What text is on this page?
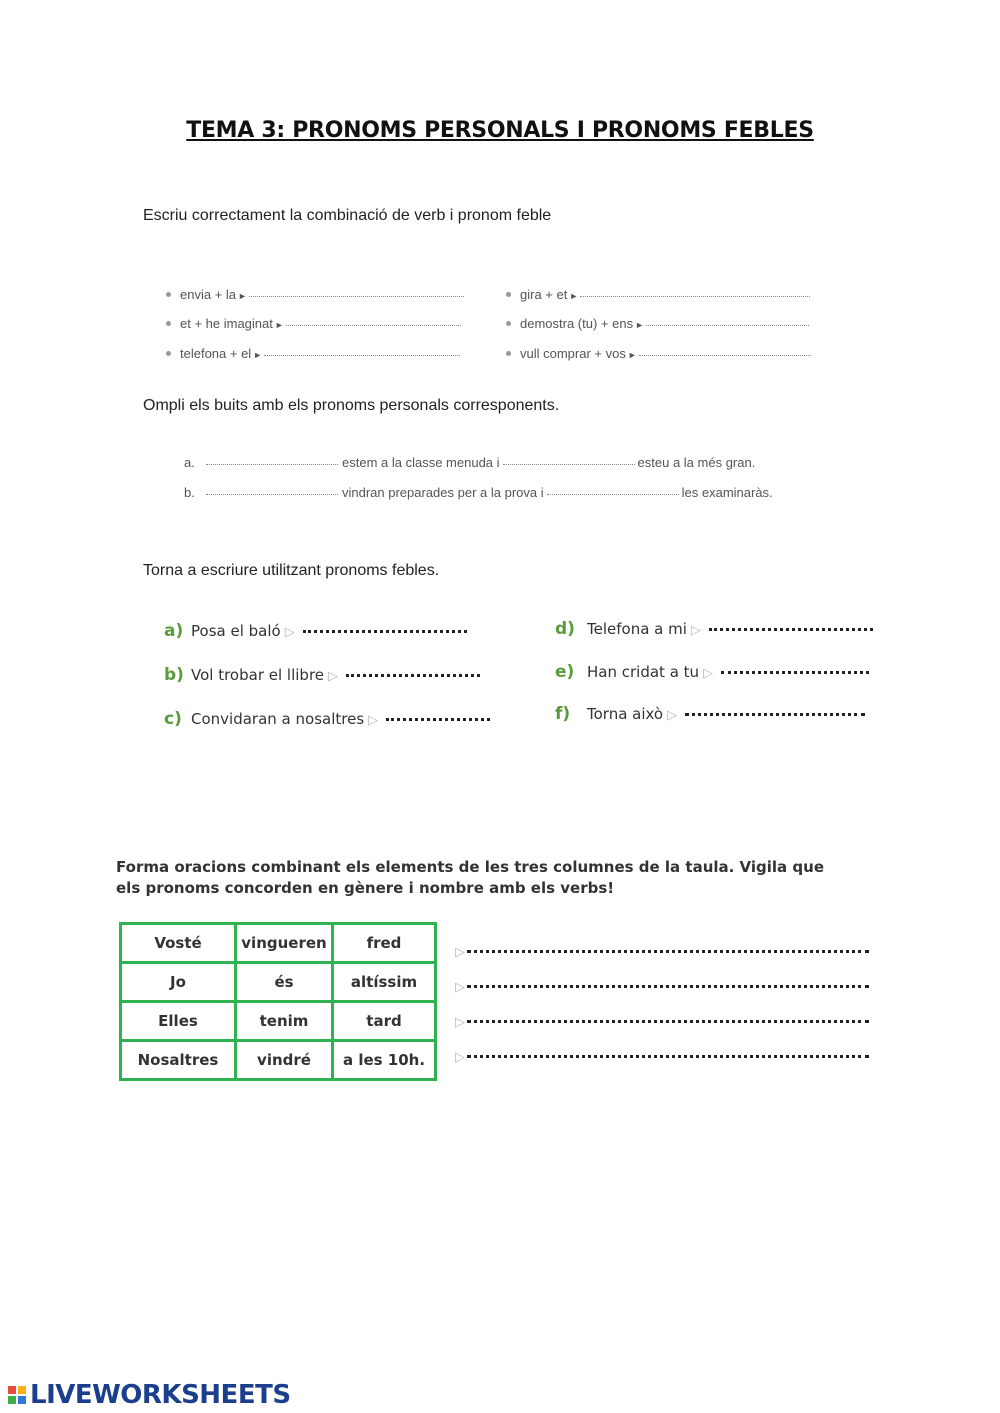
TEMA 3: PRONOMS PERSONALS I PRONOMS FEBLES
Escriu correctament la combinació de verb i pronom feble
envia + la ►
et + he imaginat ►
telefona + el ►
gira + et ►
demostra (tu) + ens ►
vull comprar + vos ►
Ompli els buits amb els pronoms personals corresponents.
a.	estem a la classe menuda i	esteu a la més gran.
b.	vindran preparades per a la prova i	les examinaràs.
Torna a escriure utilitzant pronoms febles.
a) Posa el baló ▷
b) Vol trobar el llibre ▷
c) Convidaran a nosaltres ▷
d) Telefona a mi ▷
e) Han cridat a tu ▷
f)	Torna això ▷
Forma oracions combinant els elements de les tres columnes de la taula. Vigila que els pronoms concorden en gènere i nombre amb els verbs!
Vosté	vingueren	fred
Jo	és	altíssim
Elles	tenim	tard
Nosaltres	vindré	a les 10h.
▷
▷
▷
▷
LIVEWORKSHEETS
